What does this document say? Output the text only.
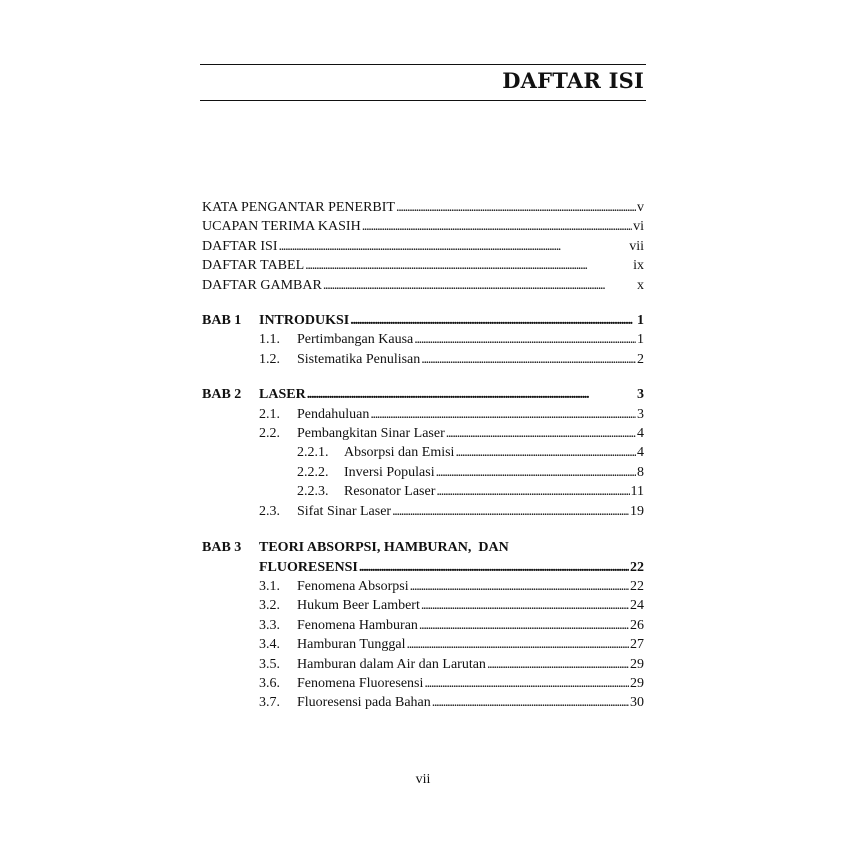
DAFTAR ISI
KATA PENGANTAR PENERBIT . . .	v
UCAPAN TERIMA KASIH . . .	vi
DAFTAR ISI . . .	vii
DAFTAR TABEL . . .	ix
DAFTAR GAMBAR . . .	x
BAB 1	INTRODUKSI . . .	1
1.1.	Pertimbangan Kausa . . .	1
1.2.	Sistematika Penulisan . . .	2
BAB 2	LASER . . .	3
2.1.	Pendahuluan . . .	3
2.2.	Pembangkitan Sinar Laser . . .	4
2.2.1.	Absorpsi dan Emisi . . .	4
2.2.2.	Inversi Populasi . . .	8
2.2.3.	Resonator Laser . . .	11
2.3.	Sifat Sinar Laser . . .	19
BAB 3	TEORI ABSORPSI, HAMBURAN,  DAN
FLUORESENSI . . .	22
3.1.	Fenomena Absorpsi . . .	22
3.2.	Hukum Beer Lambert . . .	24
3.3.	Fenomena Hamburan . . .	26
3.4.	Hamburan Tunggal . . .	27
3.5.	Hamburan dalam Air dan Larutan . . .	29
3.6.	Fenomena Fluoresensi . . .	29
3.7.	Fluoresensi pada Bahan . . .	30
vii
